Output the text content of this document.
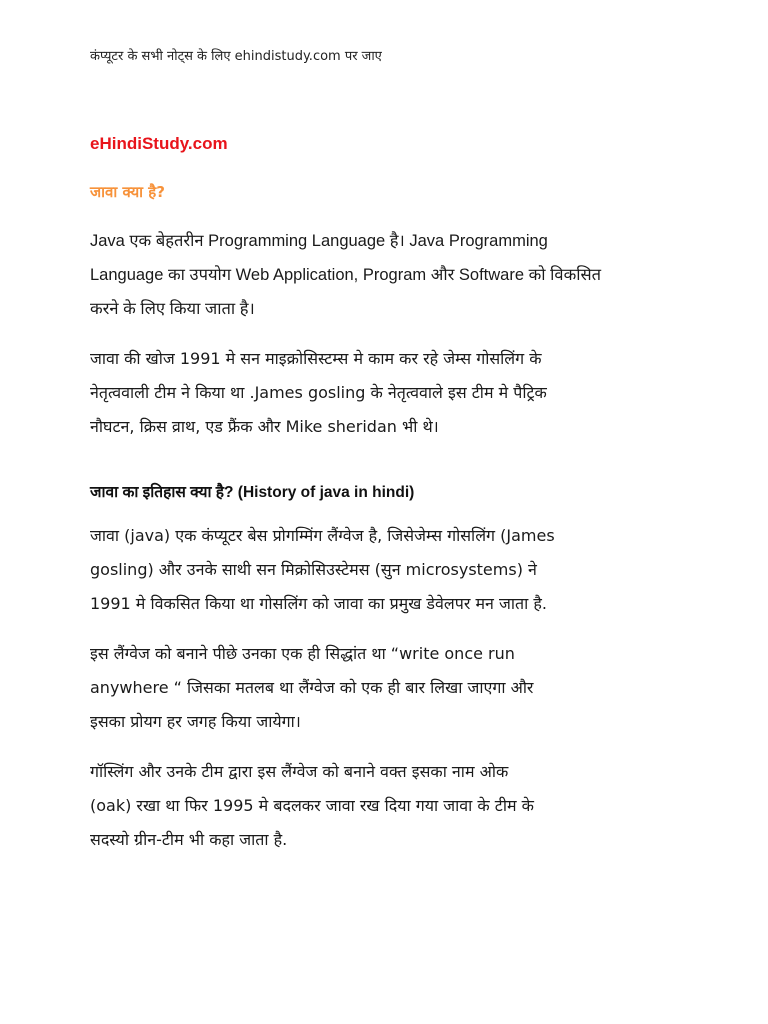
कंप्यूटर के सभी नोट्स के लिए ehindistudy.com पर जाए
eHindiStudy.com
जावा क्या है?

Java एक बेहतरीन Programming Language है। Java Programming
Language का उपयोग Web Application, Program और Software को विकसित
करने के लिए किया जाता है।

जावा की खोज 1991 मे सन माइक्रोसिस्टम्स मे काम कर रहे जेम्स गोसलिंग के
नेतृत्ववाली टीम ने किया था .James gosling के नेतृत्ववाले इस टीम मे पैट्रिक
नौघटन, क्रिस व्राथ, एड फ्रैंक और Mike sheridan भी थे।

जावा का इतिहास क्या है? (History of java in hindi)

जावा (java) एक कंप्यूटर बेस प्रोगम्मिंग लैंग्वेज है, जिसेजेम्स गोसलिंग (James
gosling) और उनके साथी सन मिक्रोसिउस्टेमस (सुन microsystems) ने
1991 मे विकसित किया था गोसलिंग को जावा का प्रमुख डेवेलपर मन जाता है.

इस लैंग्वेज को बनाने पीछे उनका एक ही सिद्धांत था “write once run
anywhere “ जिसका मतलब था लैंग्वेज को एक ही बार लिखा जाएगा और
इसका प्रोयग हर जगह किया जायेगा।

गॉस्लिंग और उनके टीम द्वारा इस लैंग्वेज को बनाने वक्त इसका नाम ओक
(oak) रखा था फिर 1995 मे बदलकर जावा रख दिया गया जावा के टीम के
सदस्यो ग्रीन-टीम भी कहा जाता है.
